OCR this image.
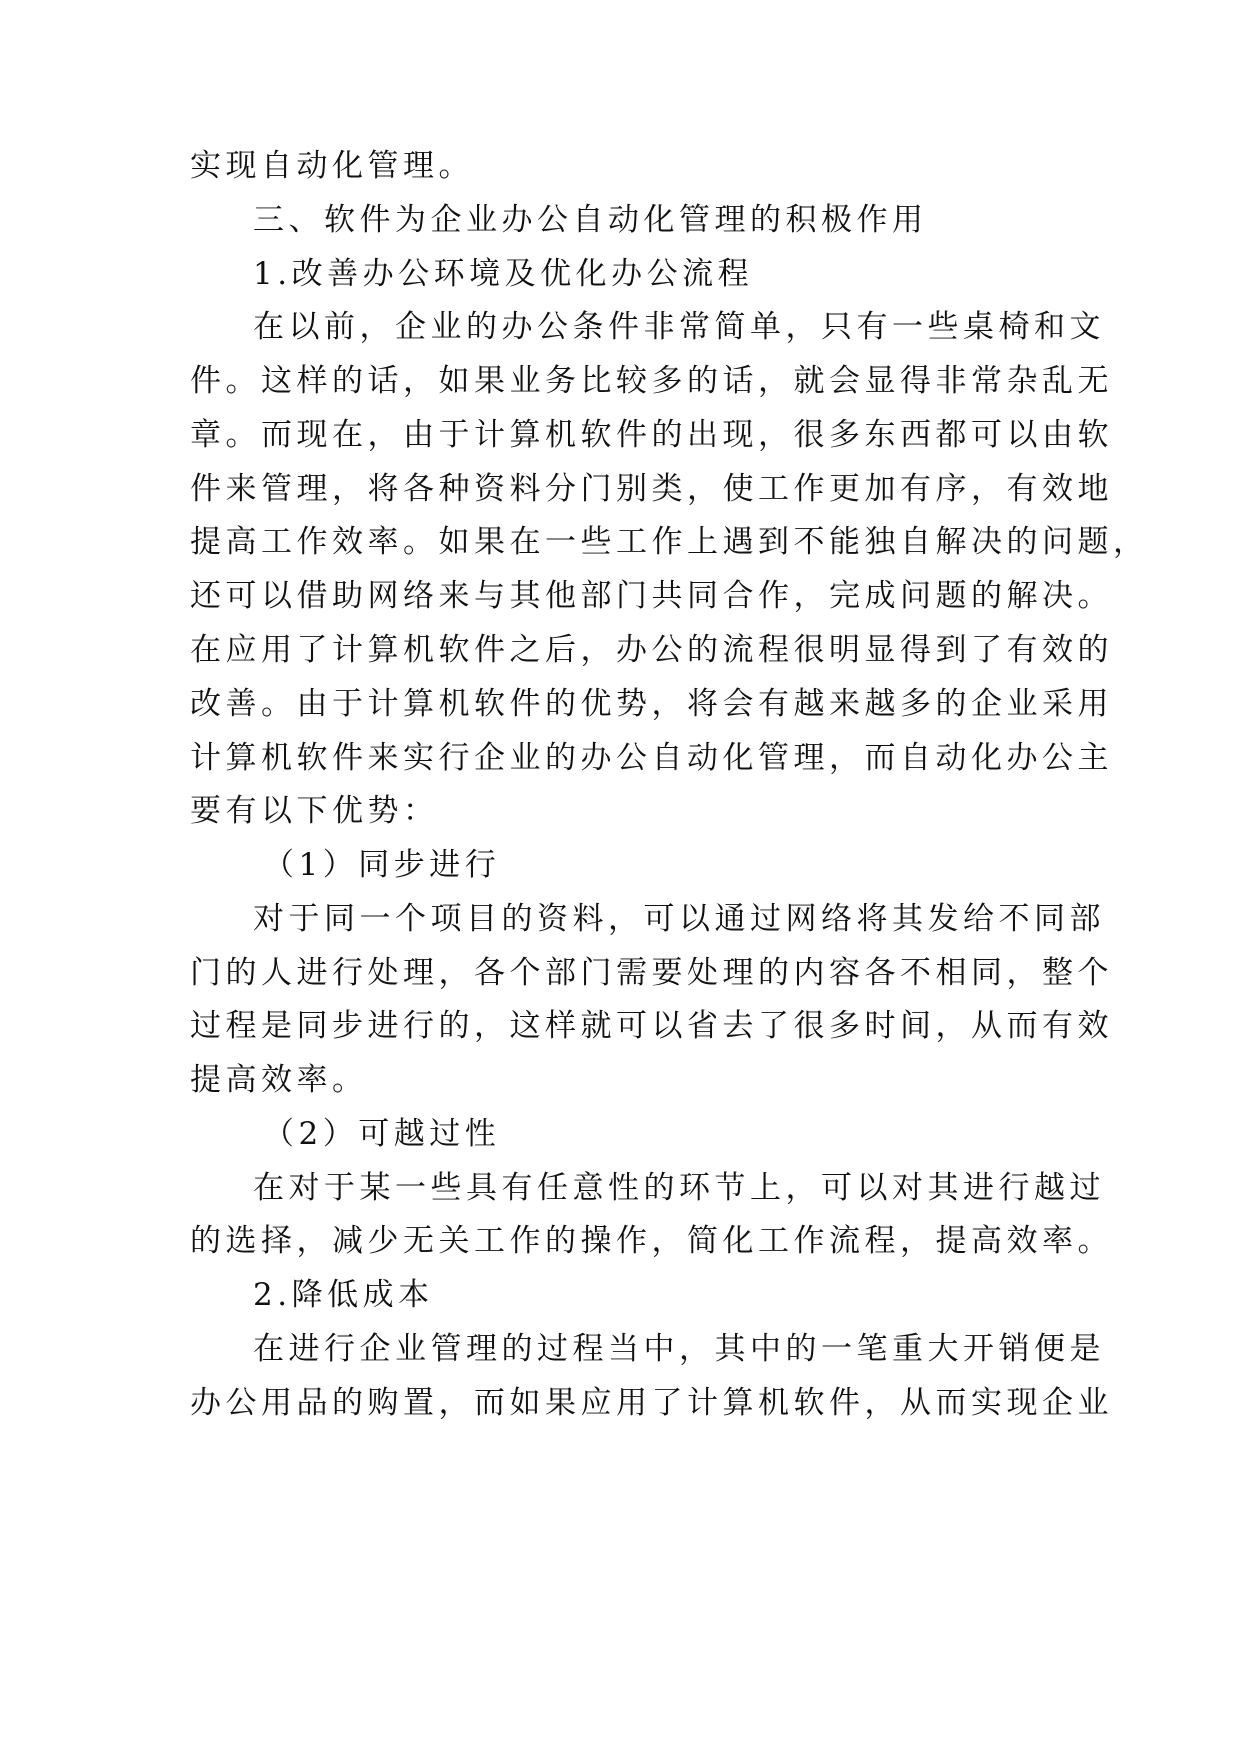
实现自动化管理。
三、软件为企业办公自动化管理的积极作用
1.改善办公环境及优化办公流程
在以前，企业的办公条件非常简单，只有一些桌椅和文
件。这样的话，如果业务比较多的话，就会显得非常杂乱无
章。而现在，由于计算机软件的出现，很多东西都可以由软
件来管理，将各种资料分门别类，使工作更加有序，有效地
提高工作效率。如果在一些工作上遇到不能独自解决的问题，
还可以借助网络来与其他部门共同合作，完成问题的解决。
在应用了计算机软件之后，办公的流程很明显得到了有效的
改善。由于计算机软件的优势，将会有越来越多的企业采用
计算机软件来实行企业的办公自动化管理，而自动化办公主
要有以下优势：
（1）同步进行
对于同一个项目的资料，可以通过网络将其发给不同部
门的人进行处理，各个部门需要处理的内容各不相同，整个
过程是同步进行的，这样就可以省去了很多时间，从而有效
提高效率。
（2）可越过性
在对于某一些具有任意性的环节上，可以对其进行越过
的选择，减少无关工作的操作，简化工作流程，提高效率。
2.降低成本
在进行企业管理的过程当中，其中的一笔重大开销便是
办公用品的购置，而如果应用了计算机软件，从而实现企业
